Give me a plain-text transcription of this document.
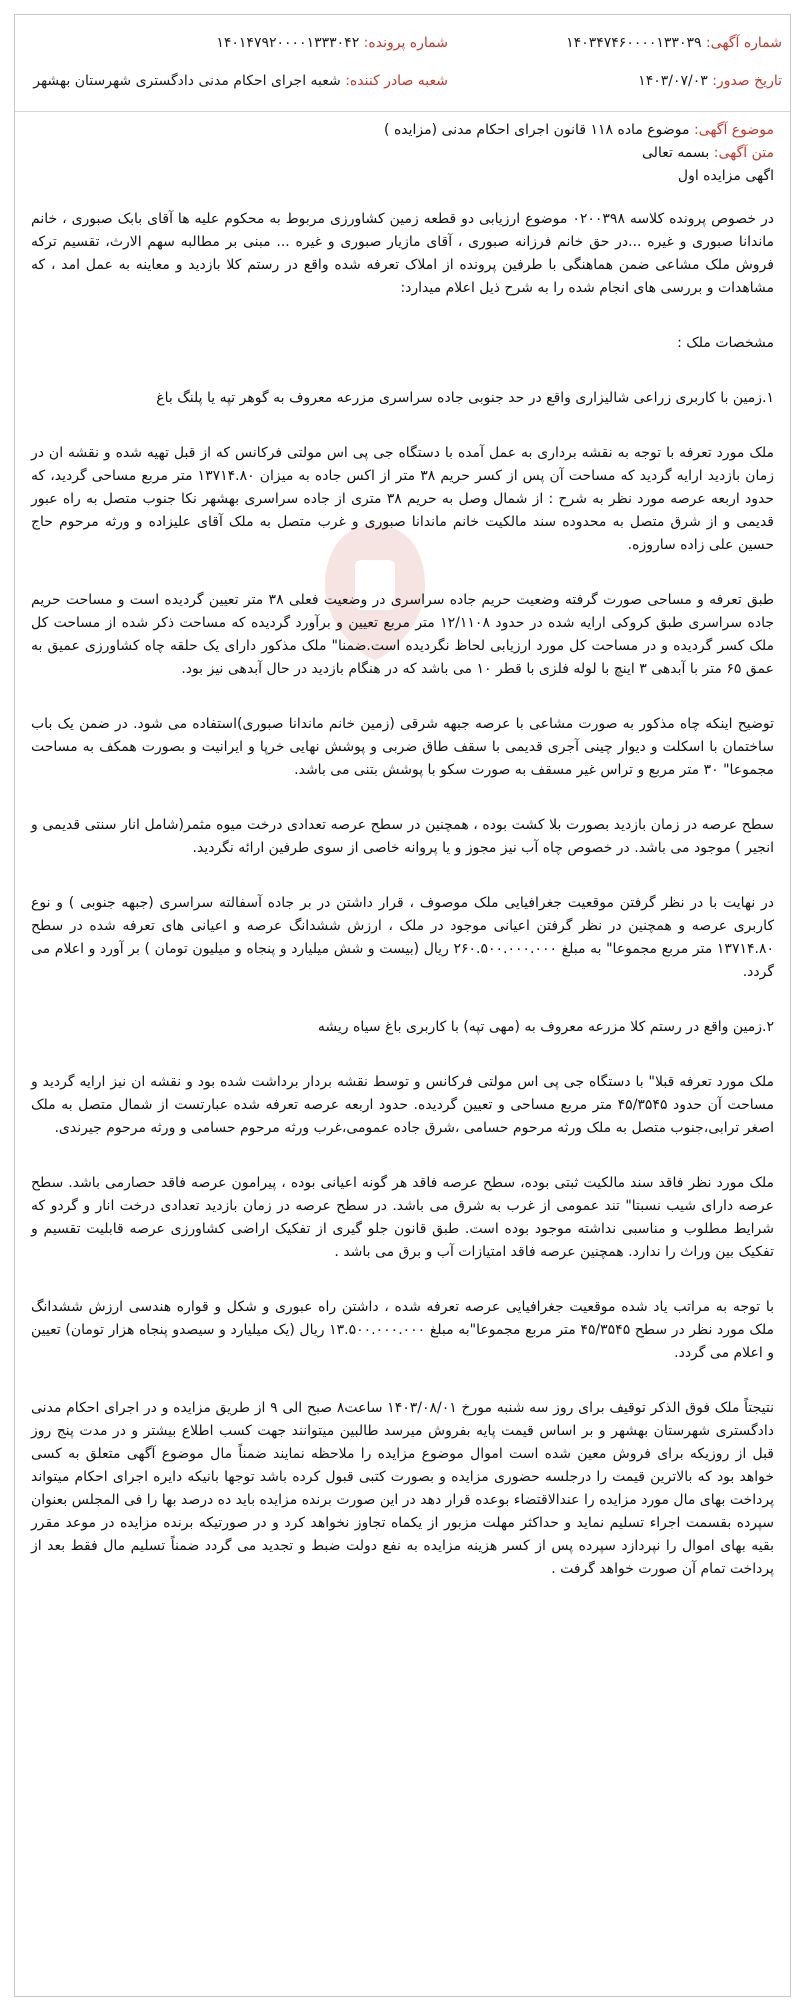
شماره آگهی: ۱۴۰۳۴۷۴۶۰۰۰۰۱۳۳۰۳۹
شماره پرونده: ۱۴۰۱۴۷۹۲۰۰۰۰۱۳۳۳۰۴۲
تاریخ صدور: ۱۴۰۳/۰۷/۰۳
شعبه صادر کننده: شعبه اجرای احکام مدنی دادگستری شهرستان بهشهر

موضوع آگهی: موضوع ماده ۱۱۸ قانون اجرای احکام مدنی (مزایده )

متن آگهی: بسمه تعالی

اگهی مزایده اول

در خصوص پرونده کلاسه ۰۲۰۰۳۹۸ موضوع ارزیابی دو قطعه زمین کشاورزی مربوط به محکوم علیه ها آقای بابک صبوری ، خانم ماندانا صبوری و غیره ...در حق خانم فرزانه صبوری ، آقای مازیار صبوری و غیره ... مبنی بر مطالبه سهم الارث، تقسیم ترکه فروش ملک مشاعی ضمن هماهنگی با طرفین پرونده از املاک تعرفه شده واقع در رستم کلا بازدید و معاینه به عمل امد ، که مشاهدات و بررسی های انجام شده را به شرح ذیل اعلام میدارد:

مشخصات ملک :

۱.زمین با کاربری زراعی شالیزاری واقع در حد جنوبی جاده سراسری مزرعه معروف به گوهر تپه یا پلنگ باغ

ملک مورد تعرفه با توجه به نقشه برداری به عمل آمده با دستگاه جی پی اس مولتی فرکانس که از قبل تهیه شده و نقشه ان در زمان بازدید ارایه گردید که مساحت آن پس از کسر حریم ۳۸ متر از اکس جاده به میزان ۱۳۷۱۴.۸۰ متر مربع مساحی گردید، که حدود اربعه عرصه مورد نظر به شرح : از شمال وصل به حریم ۳۸ متری از جاده سراسری بهشهر نکا جنوب متصل به راه عبور قدیمی و از شرق متصل به محدوده سند مالکیت خانم ماندانا صبوری و غرب متصل به ملک آقای علیزاده و ورثه مرحوم حاج حسین علی زاده ساروزه.

طبق تعرفه و مساحی صورت گرفته وضعیت حریم جاده سراسری در وضعیت فعلی ۳۸ متر تعیین گردیده است و مساحت حریم جاده سراسری طبق کروکی ارایه شده در حدود ۱۲/۱۱۰۸ متر مربع تعیین و برآورد گردیده که مساحت ذکر شده از مساحت کل ملک کسر گردیده و در مساحت کل مورد ارزیابی لحاظ نگردیده است.ضمنا" ملک مذکور دارای یک حلقه چاه کشاورزی عمیق به عمق ۶۵ متر با آبدهی ۳ اینچ با لوله فلزی با قطر ۱۰ می باشد که در هنگام بازدید در حال آبدهی نیز بود.

توضیح اینکه چاه مذکور به صورت مشاعی با عرصه جبهه شرقی (زمین خانم ماندانا صبوری)استفاده می شود. در ضمن یک باب ساختمان با اسکلت و دیوار چینی آجری قدیمی با سقف طاق ضربی و پوشش نهایی خرپا و ایرانیت و بصورت همکف به مساحت مجموعا" ۳۰ متر مربع و تراس غیر مسقف به صورت سکو با پوشش بتنی می باشد.

سطح عرصه در زمان بازدید بصورت بلا کشت بوده ، همچنین در سطح عرصه تعدادی درخت میوه مثمر(شامل انار سنتی قدیمی و انجیر ) موجود می باشد. در خصوص چاه آب نیز مجوز و یا پروانه خاصی از سوی طرفین ارائه نگردید.

در نهایت با در نظر گرفتن موقعیت جغرافیایی ملک موصوف ، قرار داشتن در بر جاده آسفالته سراسری (جبهه جنوبی ) و نوع کاربری عرصه و همچنین در نظر گرفتن اعیانی موجود در ملک ، ارزش ششدانگ عرصه و اعیانی های تعرفه شده در سطح ۱۳۷۱۴.۸۰ متر مربع مجموعا" به مبلغ ۲۶۰.۵۰۰.۰۰۰.۰۰۰ ریال (بیست و شش میلیارد و پنجاه و میلیون تومان ) بر آورد و اعلام می گردد.

۲.زمین واقع در رستم کلا مزرعه معروف به (مهی تپه) با کاربری باغ سیاه ریشه

ملک مورد تعرفه قبلا" با دستگاه جی پی اس مولتی فرکانس و توسط نقشه بردار برداشت شده بود و نقشه ان نیز ارایه گردید و مساحت آن حدود ۴۵/۳۵۴۵ متر مربع مساحی و تعیین گردیده. حدود اربعه عرصه تعرفه شده عبارتست از شمال متصل به ملک اصغر ترابی،جنوب متصل به ملک ورثه مرحوم حسامی ،شرق جاده عمومی،غرب ورثه مرحوم حسامی و ورثه مرحوم جیرندی.

ملک مورد نظر فاقد سند مالکیت ثبتی بوده، سطح عرصه فاقد هر گونه اعیانی بوده ، پیرامون عرصه فاقد حصارمی باشد. سطح عرصه دارای شیب نسبتا" تند عمومی از غرب به شرق می باشد. در سطح عرصه در زمان بازدید تعدادی درخت انار و گردو که شرایط مطلوب و مناسبی نداشته موجود بوده است. طبق قانون جلو گیری از تفکیک اراضی کشاورزی عرصه قابلیت تقسیم و تفکیک بین وراث را ندارد. همچنین عرصه فاقد امتیازات آب و برق می باشد .

با توجه به مراتب یاد شده موقعیت جغرافیایی عرصه تعرفه شده ، داشتن راه عبوری و شکل و قواره هندسی ارزش ششدانگ ملک مورد نظر در سطح ۴۵/۳۵۴۵ متر مربع مجموعا"به مبلغ ۱۳.۵۰۰.۰۰۰.۰۰۰ ریال (یک میلیارد و سیصدو پنجاه هزار تومان) تعیین و اعلام می گردد.

نتیجتاً ملک فوق الذکر توقیف برای روز سه شنبه مورخ ۱۴۰۳/۰۸/۰۱ ساعت۸ صبح الی ۹ از طریق مزایده و در اجرای احکام مدنی دادگستری شهرستان بهشهر و بر اساس قیمت پایه بفروش میرسد طالبین میتوانند جهت کسب اطلاع بیشتر و در مدت پنج روز قبل از روزیکه برای فروش معین شده است اموال موضوع مزایده را ملاحظه نمایند ضمناً مال موضوع آگهی متعلق به کسی خواهد بود که بالاترین قیمت را درجلسه حضوری مزایده و بصورت کتبی قبول کرده باشد توجها بانیکه دایره اجرای احکام میتواند پرداخت بهای مال مورد مزایده را عندالاقتضاء بوعده قرار دهد در این صورت برنده مزایده باید ده درصد بها را فی المجلس بعنوان سپرده بقسمت اجراء تسلیم نماید و حداکثر مهلت مزبور از یکماه تجاوز نخواهد کرد و در صورتیکه برنده مزایده در موعد مقرر بقیه بهای اموال را نپردازد سپرده پس از کسر هزینه مزایده به نفع دولت ضبط و تجدید می گردد ضمناً تسلیم مال فقط بعد از پرداخت تمام آن صورت خواهد گرفت .
